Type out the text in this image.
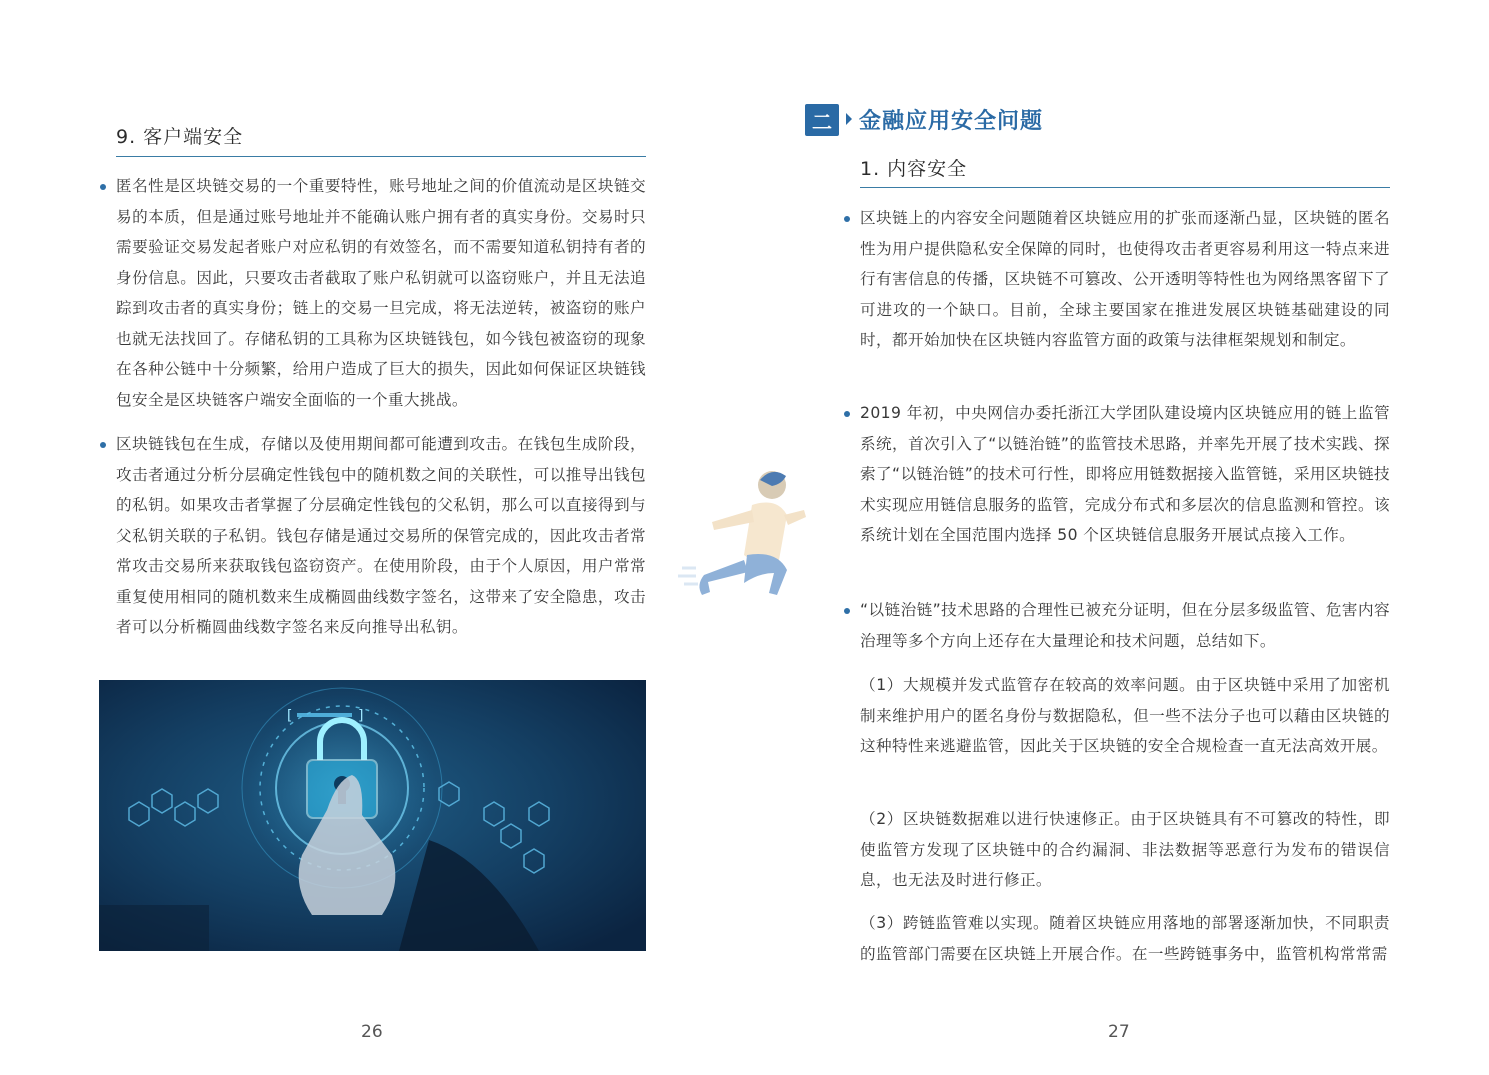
9. 客户端安全
匿名性是区块链交易的一个重要特性，账号地址之间的价值流动是区块链交易的本质，但是通过账号地址并不能确认账户拥有者的真实身份。交易时只需要验证交易发起者账户对应私钥的有效签名，而不需要知道私钥持有者的身份信息。因此，只要攻击者截取了账户私钥就可以盗窃账户，并且无法追踪到攻击者的真实身份；链上的交易一旦完成，将无法逆转，被盗窃的账户也就无法找回了。存储私钥的工具称为区块链钱包，如今钱包被盗窃的现象在各种公链中十分频繁，给用户造成了巨大的损失，因此如何保证区块链钱包安全是区块链客户端安全面临的一个重大挑战。
区块链钱包在生成，存储以及使用期间都可能遭到攻击。在钱包生成阶段，攻击者通过分析分层确定性钱包中的随机数之间的关联性，可以推导出钱包的私钥。如果攻击者掌握了分层确定性钱包的父私钥，那么可以直接得到与父私钥关联的子私钥。钱包存储是通过交易所的保管完成的，因此攻击者常常攻击交易所来获取钱包盗窃资产。在使用阶段，由于个人原因，用户常常重复使用相同的随机数来生成椭圆曲线数字签名，这带来了安全隐患，攻击者可以分析椭圆曲线数字签名来反向推导出私钥。
[	]
26
二	金融应用安全问题
1. 内容安全
区块链上的内容安全问题随着区块链应用的扩张而逐渐凸显，区块链的匿名性为用户提供隐私安全保障的同时，也使得攻击者更容易利用这一特点来进行有害信息的传播，区块链不可篡改、公开透明等特性也为网络黑客留下了可进攻的一个缺口。目前，全球主要国家在推进发展区块链基础建设的同时，都开始加快在区块链内容监管方面的政策与法律框架规划和制定。
2019 年初，中央网信办委托浙江大学团队建设境内区块链应用的链上监管系统，首次引入了“以链治链”的监管技术思路，并率先开展了技术实践、探索了“以链治链”的技术可行性，即将应用链数据接入监管链，采用区块链技术实现应用链信息服务的监管，完成分布式和多层次的信息监测和管控。该系统计划在全国范围内选择 50 个区块链信息服务开展试点接入工作。
“以链治链”技术思路的合理性已被充分证明，但在分层多级监管、危害内容治理等多个方向上还存在大量理论和技术问题，总结如下。
（1）大规模并发式监管存在较高的效率问题。由于区块链中采用了加密机制来维护用户的匿名身份与数据隐私，但一些不法分子也可以藉由区块链的这种特性来逃避监管，因此关于区块链的安全合规检查一直无法高效开展。
（2）区块链数据难以进行快速修正。由于区块链具有不可篡改的特性，即使监管方发现了区块链中的合约漏洞、非法数据等恶意行为发布的错误信息，也无法及时进行修正。
（3）跨链监管难以实现。随着区块链应用落地的部署逐渐加快，不同职责的监管部门需要在区块链上开展合作。在一些跨链事务中，监管机构常常需
27
